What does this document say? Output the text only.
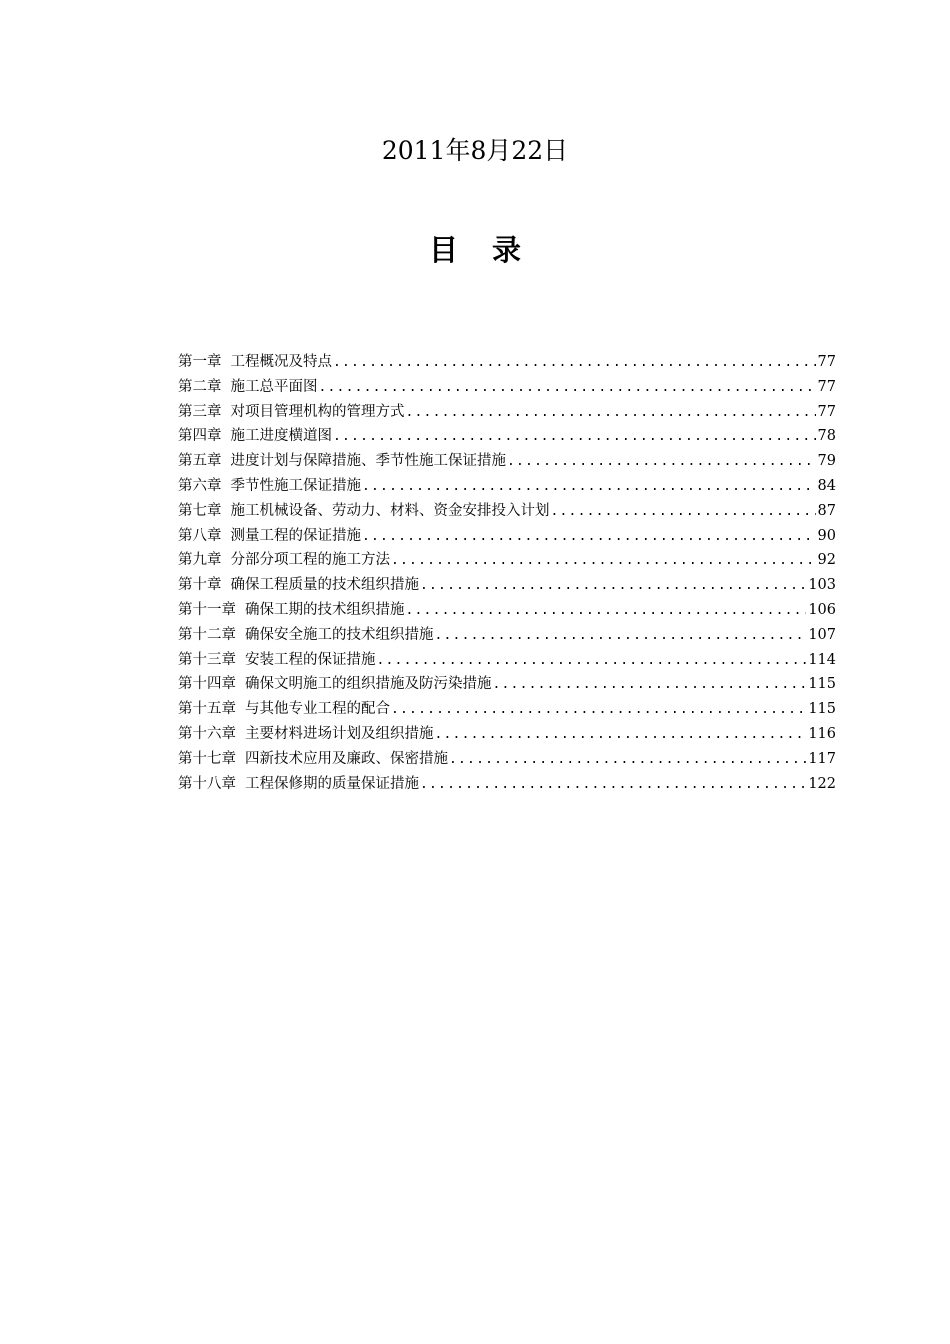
2011年8月22日
目录
第一章 工程概况及特点 .....	77
第二章 施工总平面图 .....	77
第三章 对项目管理机构的管理方式 .....	77
第四章 施工进度横道图 .....	78
第五章 进度计划与保障措施、季节性施工保证措施 .....	79
第六章 季节性施工保证措施 .....	84
第七章 施工机械设备、劳动力、材料、资金安排投入计划 .....	87
第八章 测量工程的保证措施 .....	90
第九章 分部分项工程的施工方法 .....	92
第十章 确保工程质量的技术组织措施 .....	103
第十一章 确保工期的技术组织措施 .....	106
第十二章 确保安全施工的技术组织措施 .....	107
第十三章 安装工程的保证措施 .....	114
第十四章 确保文明施工的组织措施及防污染措施 .....	115
第十五章 与其他专业工程的配合 .....	115
第十六章 主要材料进场计划及组织措施 .....	116
第十七章 四新技术应用及廉政、保密措施 .....	117
第十八章 工程保修期的质量保证措施 .....	122
